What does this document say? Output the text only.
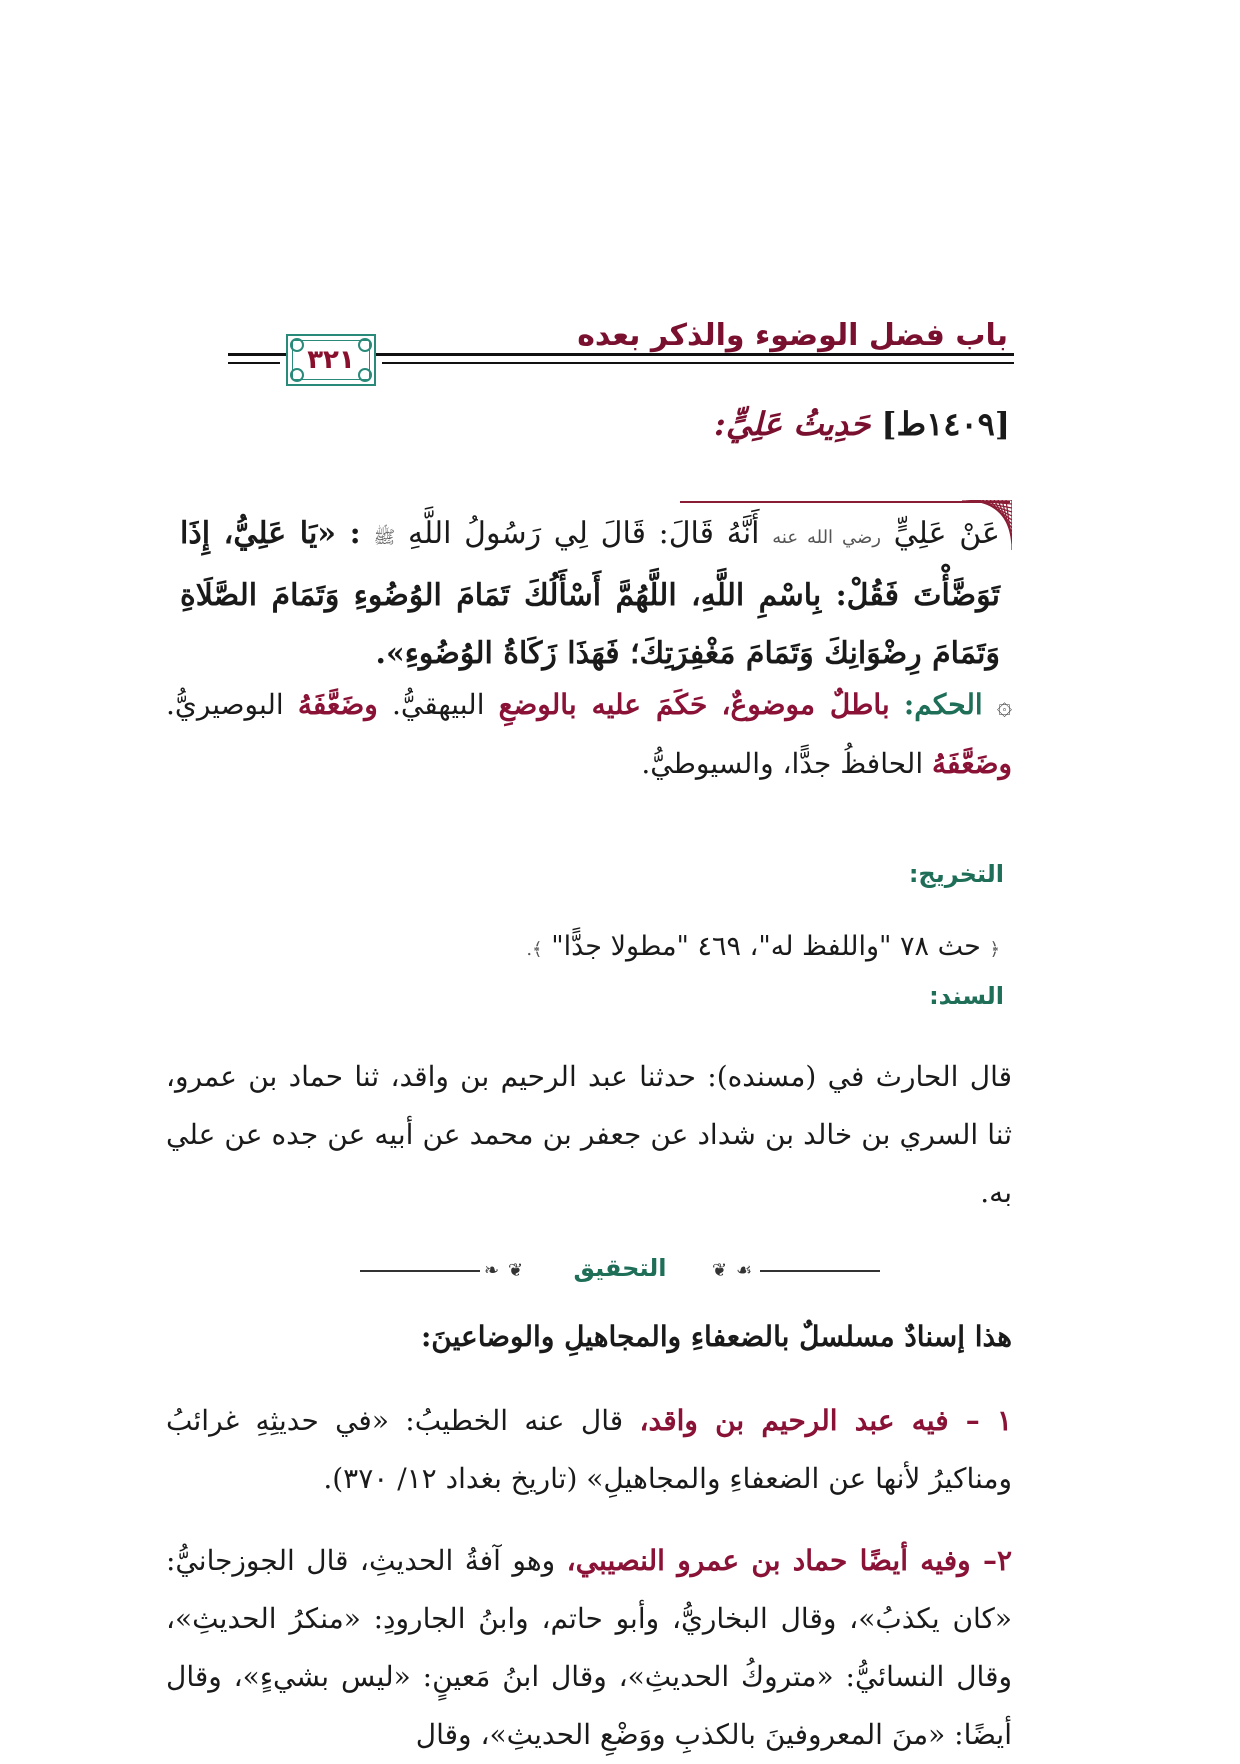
باب فضل الوضوء والذكر بعده
٣٢١
[١٤٠٩ط] حَدِيثُ عَلِيٍّ:
عَنْ عَلِيٍّ رضي الله عنه أَنَّهُ قَالَ: قَالَ لِي رَسُولُ اللَّهِ ﷺ : «يَا عَلِيُّ، إِذَا تَوَضَّأْتَ فَقُلْ: بِاسْمِ اللَّهِ، اللَّهُمَّ أَسْأَلُكَ تَمَامَ الوُضُوءِ وَتَمَامَ الصَّلَاةِ وَتَمَامَ رِضْوَانِكَ وَتَمَامَ مَغْفِرَتِكَ؛ فَهَذَا زَكَاةُ الوُضُوءِ».
۞ الحكم: باطلٌ موضوعٌ، حَكَمَ عليه بالوضعِ البيهقيُّ. وضَعَّفَهُ البوصيريُّ. وضَعَّفَهُ الحافظُ جدًّا، والسيوطيُّ.
التخريج:
﴿ حث ٧٨ "واللفظ له"، ٤٦٩ "مطولا جدًّا" ﴾.
السند:
قال الحارث في (مسنده): حدثنا عبد الرحيم بن واقد، ثنا حماد بن عمرو، ثنا السري بن خالد بن شداد عن جعفر بن محمد عن أبيه عن جده عن علي به.
❧ ❦	التحقيق	❦ ☙
هذا إسنادٌ مسلسلٌ بالضعفاءِ والمجاهيلِ والوضاعينَ:
١ – فيه عبد الرحيم بن واقد، قال عنه الخطيبُ: «في حديثِهِ غرائبُ ومناكيرُ لأنها عن الضعفاءِ والمجاهيلِ» (تاريخ بغداد ١٢/ ٣٧٠).
٢– وفيه أيضًا حماد بن عمرو النصيبي، وهو آفةُ الحديثِ، قال الجوزجانيُّ: «كان يكذبُ»، وقال البخاريُّ، وأبو حاتم، وابنُ الجارودِ: «منكرُ الحديثِ»، وقال النسائيُّ: «متروكُ الحديثِ»، وقال ابنُ مَعينٍ: «ليس بشيءٍ»، وقال أيضًا: «منَ المعروفينَ بالكذبِ ووَضْعِ الحديثِ»، وقال
